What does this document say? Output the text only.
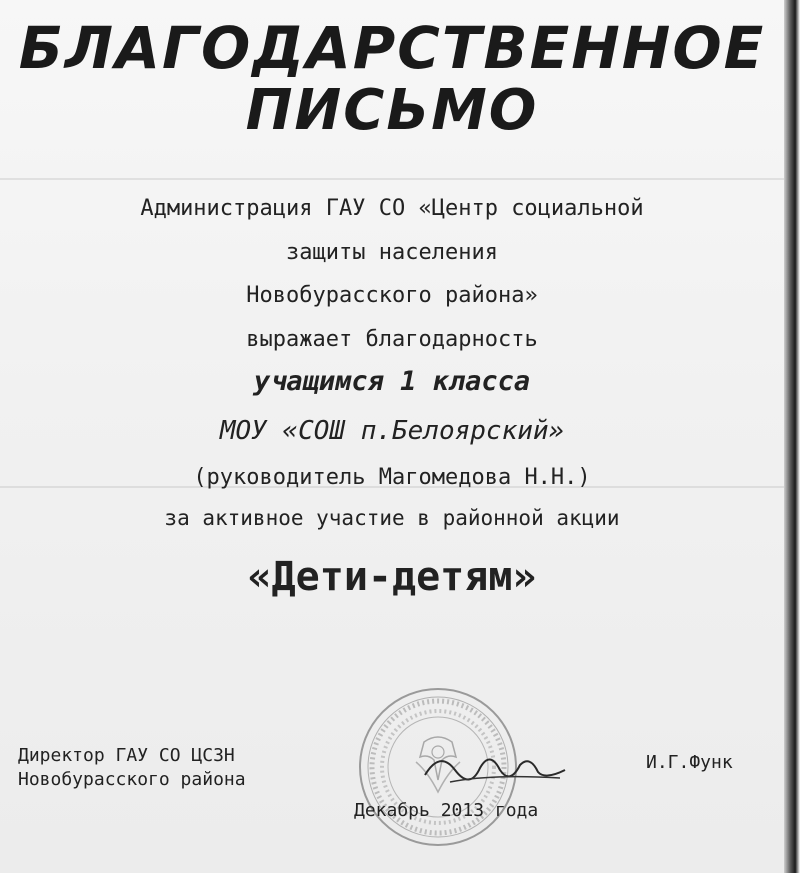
БЛАГОДАРСТВЕННОЕ
ПИСЬМО
Администрация ГАУ СО «Центр социальной
защиты населения
Новобурасского района»
выражает благодарность
учащимся 1 класса
МОУ «СОШ п.Белоярский»
(руководитель Магомедова Н.Н.)
за активное участие в районной акции
«Дети-детям»
Директор ГАУ СО ЦСЗН
Новобурасского района
И.Г.Функ
Декабрь 2013 года
